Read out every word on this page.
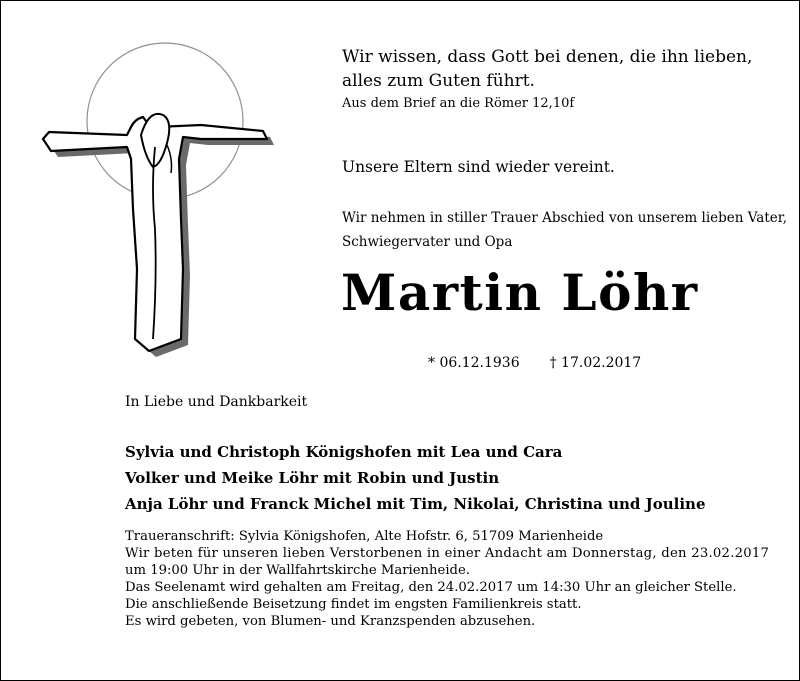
Wir wissen, dass Gott bei denen, die ihn lieben,
alles zum Guten führt.
Aus dem Brief an die Römer 12,10f
Unsere Eltern sind wieder vereint.
Wir nehmen in stiller Trauer Abschied von unserem lieben Vater,
Schwiegervater und Opa
Martin Löhr
* 06.12.1936 † 17.02.2017
In Liebe und Dankbarkeit
Sylvia und Christoph Königshofen mit Lea und Cara
Volker und Meike Löhr mit Robin und Justin
Anja Löhr und Franck Michel mit Tim, Nikolai, Christina und Jouline
Traueranschrift: Sylvia Königshofen, Alte Hofstr. 6, 51709 Marienheide
Wir beten für unseren lieben Verstorbenen in einer Andacht am Donnerstag, den 23.02.2017
um 19:00 Uhr in der Wallfahrtskirche Marienheide.
Das Seelenamt wird gehalten am Freitag, den 24.02.2017 um 14:30 Uhr an gleicher Stelle.
Die anschließende Beisetzung findet im engsten Familienkreis statt.
Es wird gebeten, von Blumen- und Kranzspenden abzusehen.
